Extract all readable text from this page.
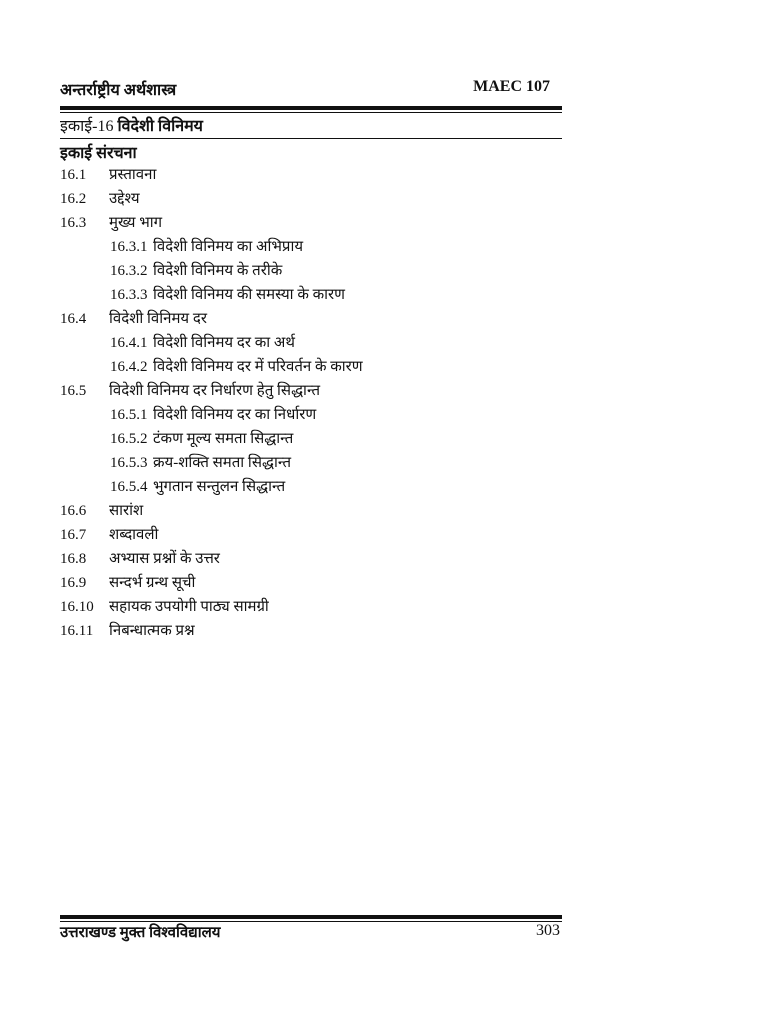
अन्तर्राष्ट्रीय अर्थशास्त्र	MAEC 107
इकाई-16 विदेशी विनिमय
इकाई संरचना
16.1 प्रस्तावना
16.2 उद्देश्य
16.3 मुख्य भाग
16.3.1 विदेशी विनिमय का अभिप्राय
16.3.2 विदेशी विनिमय के तरीके
16.3.3 विदेशी विनिमय की समस्या के कारण
16.4 विदेशी विनिमय दर
16.4.1 विदेशी विनिमय दर का अर्थ
16.4.2 विदेशी विनिमय दर में परिवर्तन के कारण
16.5 विदेशी विनिमय दर निर्धारण हेतु सिद्धान्त
16.5.1 विदेशी विनिमय दर का निर्धारण
16.5.2 टंकण मूल्य समता सिद्धान्त
16.5.3 क्रय-शक्ति समता सिद्धान्त
16.5.4 भुगतान सन्तुलन सिद्धान्त
16.6 सारांश
16.7 शब्दावली
16.8 अभ्यास प्रश्नों के उत्तर
16.9 सन्दर्भ ग्रन्थ सूची
16.10 सहायक उपयोगी पाठ्य सामग्री
16.11 निबन्धात्मक प्रश्न
उत्तराखण्ड मुक्त विश्वविद्यालय	303
